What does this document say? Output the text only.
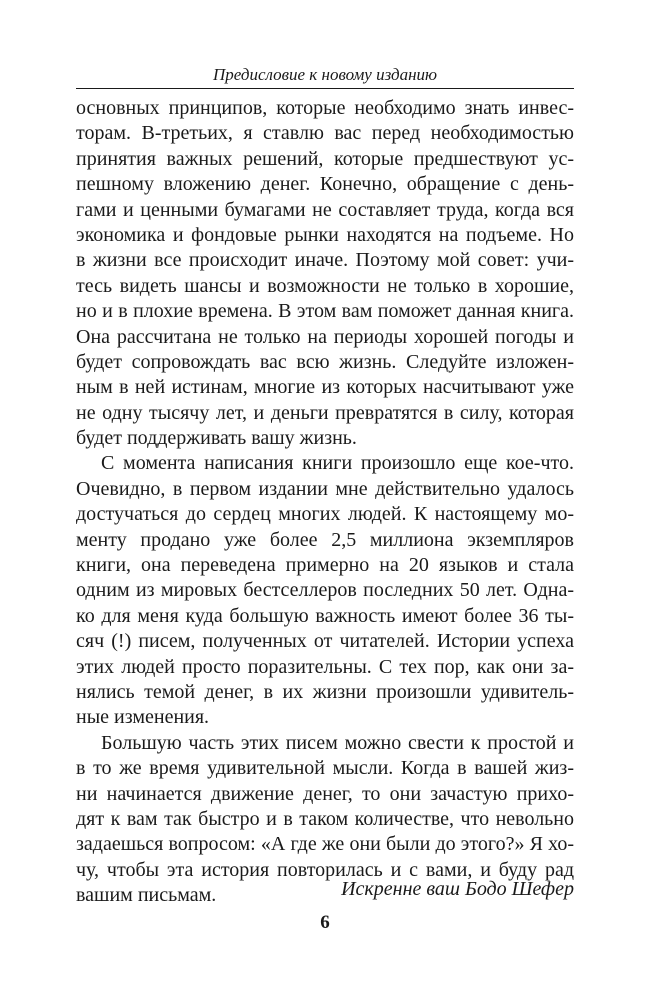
Предисловие к новому изданию
основных принципов, которые необходимо знать инвес-
торам. В-третьих, я ставлю вас перед необходимостью
принятия важных решений, которые предшествуют ус-
пешному вложению денег. Конечно, обращение с день-
гами и ценными бумагами не составляет труда, когда вся
экономика и фондовые рынки находятся на подъеме. Но
в жизни все происходит иначе. Поэтому мой совет: учи-
тесь видеть шансы и возможности не только в хорошие,
но и в плохие времена. В этом вам поможет данная книга.
Она рассчитана не только на периоды хорошей погоды и
будет сопровождать вас всю жизнь. Следуйте изложен-
ным в ней истинам, многие из которых насчитывают уже
не одну тысячу лет, и деньги превратятся в силу, которая
будет поддерживать вашу жизнь.
С момента написания книги произошло еще кое-что.
Очевидно, в первом издании мне действительно удалось
достучаться до сердец многих людей. К настоящему мо-
менту продано уже более 2,5 миллиона экземпляров
книги, она переведена примерно на 20 языков и стала
одним из мировых бестселлеров последних 50 лет. Одна-
ко для меня куда большую важность имеют более 36 ты-
сяч (!) писем, полученных от читателей. Истории успеха
этих людей просто поразительны. С тех пор, как они за-
нялись темой денег, в их жизни произошли удивитель-
ные изменения.
Большую часть этих писем можно свести к простой и
в то же время удивительной мысли. Когда в вашей жиз-
ни начинается движение денег, то они зачастую прихо-
дят к вам так быстро и в таком количестве, что невольно
задаешься вопросом: «А где же они были до этого?» Я хо-
чу, чтобы эта история повторилась и с вами, и буду рад
вашим письмам.	Искренне ваш Бодо Шефер
6
